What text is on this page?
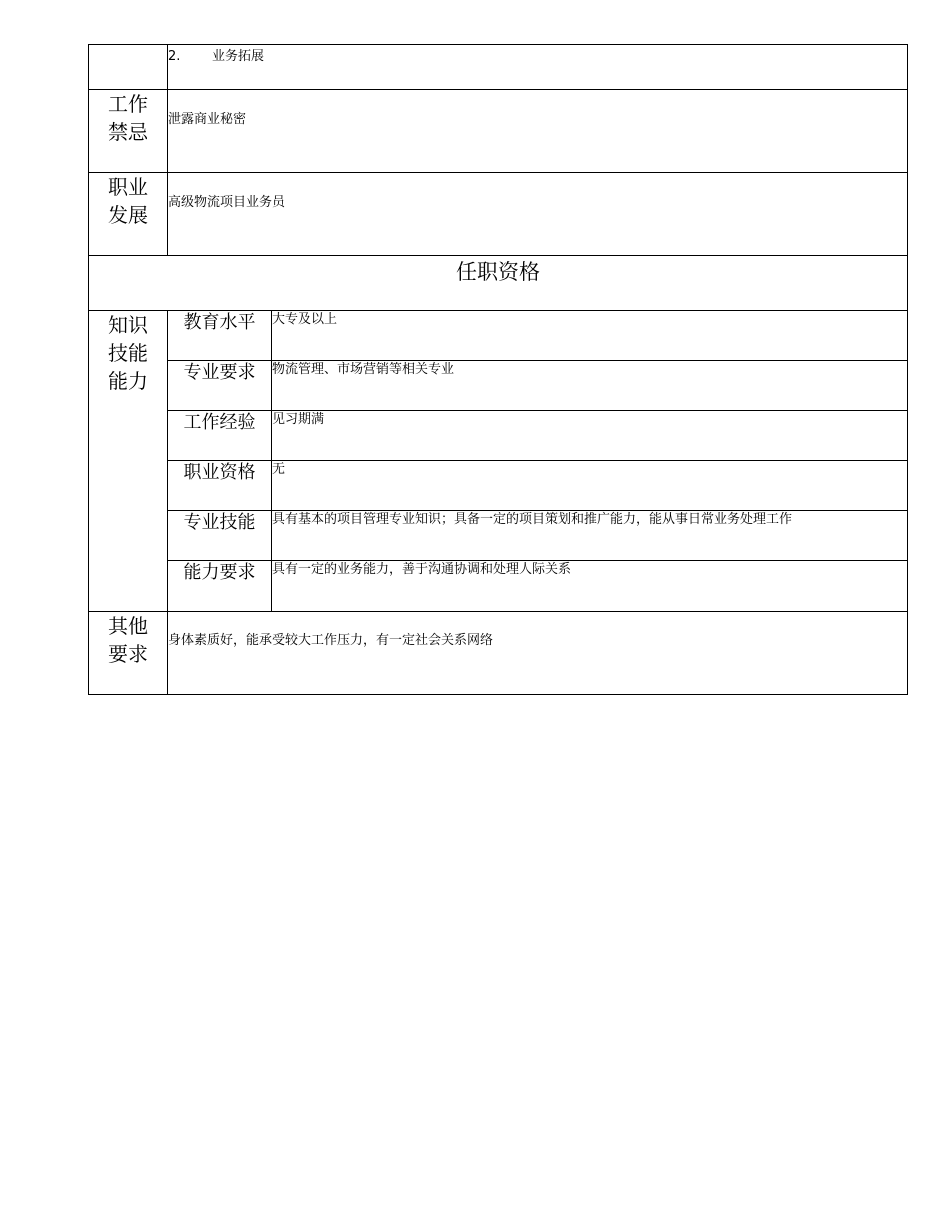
	2. 业务拓展	
工作
禁忌	泄露商业秘密	
职业
发展	高级物流项目业务员	
任职资格		
知识
技能
能力	教育水平	大专及以上
	专业要求	物流管理、市场营销等相关专业
	工作经验	见习期满
	职业资格	无
	专业技能	具有基本的项目管理专业知识；具备一定的项目策划和推广能力，能从事日常业务处理工作
	能力要求	具有一定的业务能力，善于沟通协调和处理人际关系
其他
要求	身体素质好，能承受较大工作压力，有一定社会关系网络	
